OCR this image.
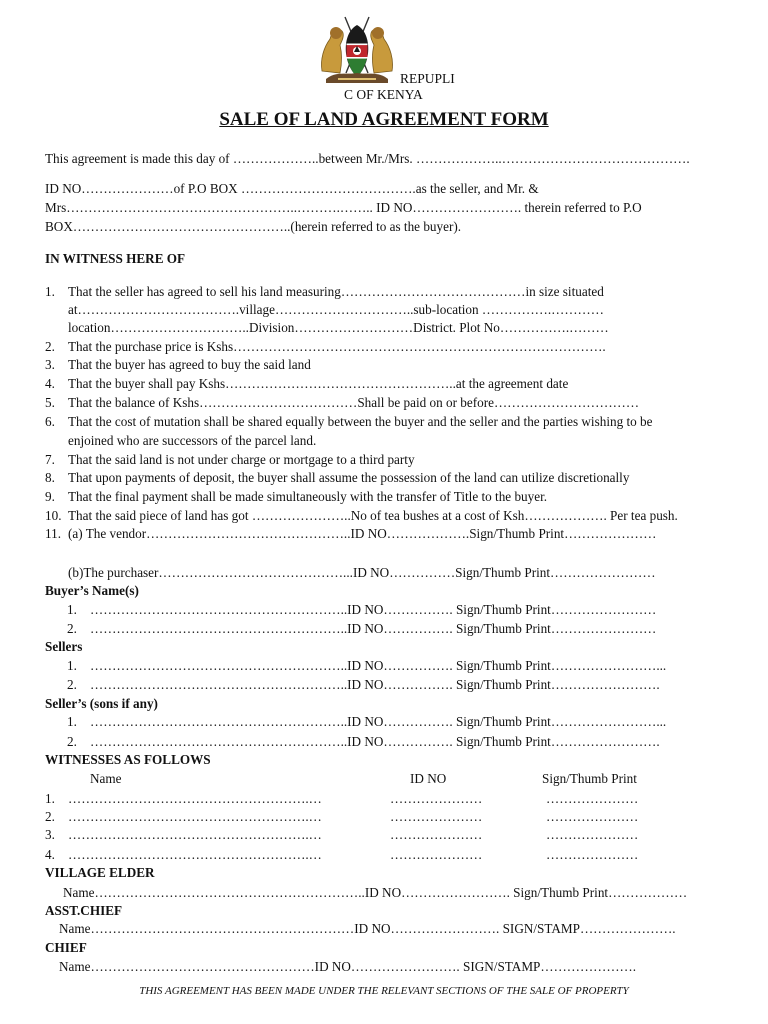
REPUPLI
C OF KENYA
SALE OF LAND AGREEMENT FORM
This agreement is made this day of ………………..between Mr./Mrs. ………………..…………………………………….
ID NO…………………of P.O BOX ………………………………….as the seller, and Mr. &
Mrs……………………………………………..……….…….. ID NO……………………. therein referred to P.O
BOX…………………………………………..(herein referred to as the buyer).
IN WITNESS HERE OF
1. That the seller has agreed to sell his land measuring……………………………………in size situated
at……………………………….village…………………………..sub-location …………….…………
location…………………………..Division………………………District. Plot No…………….………
2. That the purchase price is Kshs………………………………………………………………………….
3. That the buyer has agreed to buy the said land
4. That the buyer shall pay Kshs……………………………………………..at the agreement date
5. That the balance of Kshs………………………………Shall be paid on or before……………………………
6. That the cost of mutation shall be shared equally between the buyer and the seller and the parties wishing to be
enjoined who are successors of the parcel land.
7. That the said land is not under charge or mortgage to a third party
8. That upon payments of deposit, the buyer shall assume the possession of the land can utilize discretionally
9. That the final payment shall be made simultaneously with the transfer of Title to the buyer.
10. That the said piece of land has got …………………..No of tea bushes at a cost of Ksh………………. Per tea push.
11. (a) The vendor………………………………………..ID NO……………….Sign/Thumb Print…………………
(b)The purchaser……………………………………...ID NO……………Sign/Thumb Print……………………
Buyer’s Name(s)
1. …………………………………………………..ID NO……………. Sign/Thumb Print……………………
2. …………………………………………………..ID NO……………. Sign/Thumb Print……………………
Sellers
1. …………………………………………………..ID NO……………. Sign/Thumb Print……………………...
2. …………………………………………………..ID NO……………. Sign/Thumb Print…………………….
Seller’s (sons if any)
1. …………………………………………………..ID NO……………. Sign/Thumb Print……………………...
2. …………………………………………………..ID NO……………. Sign/Thumb Print…………………….
WITNESSES AS FOLLOWS
Name	ID NO	Sign/Thumb Print
1. ……………………………………………….…	…………………	…………………
2. ……………………………………………….…	…………………	…………………
3. ……………………………………………….…	…………………	…………………
4. ……………………………………………….…	…………………	…………………
VILLAGE ELDER
Name……………………………………………………..ID NO……………………. Sign/Thumb Print………………
ASST.CHIEF
Name……………………………………………………ID NO……………………. SIGN/STAMP………………….
CHIEF
Name……………………………………………ID NO……………………. SIGN/STAMP………………….
THIS AGREEMENT HAS BEEN MADE UNDER THE RELEVANT SECTIONS OF THE SALE OF PROPERTY
